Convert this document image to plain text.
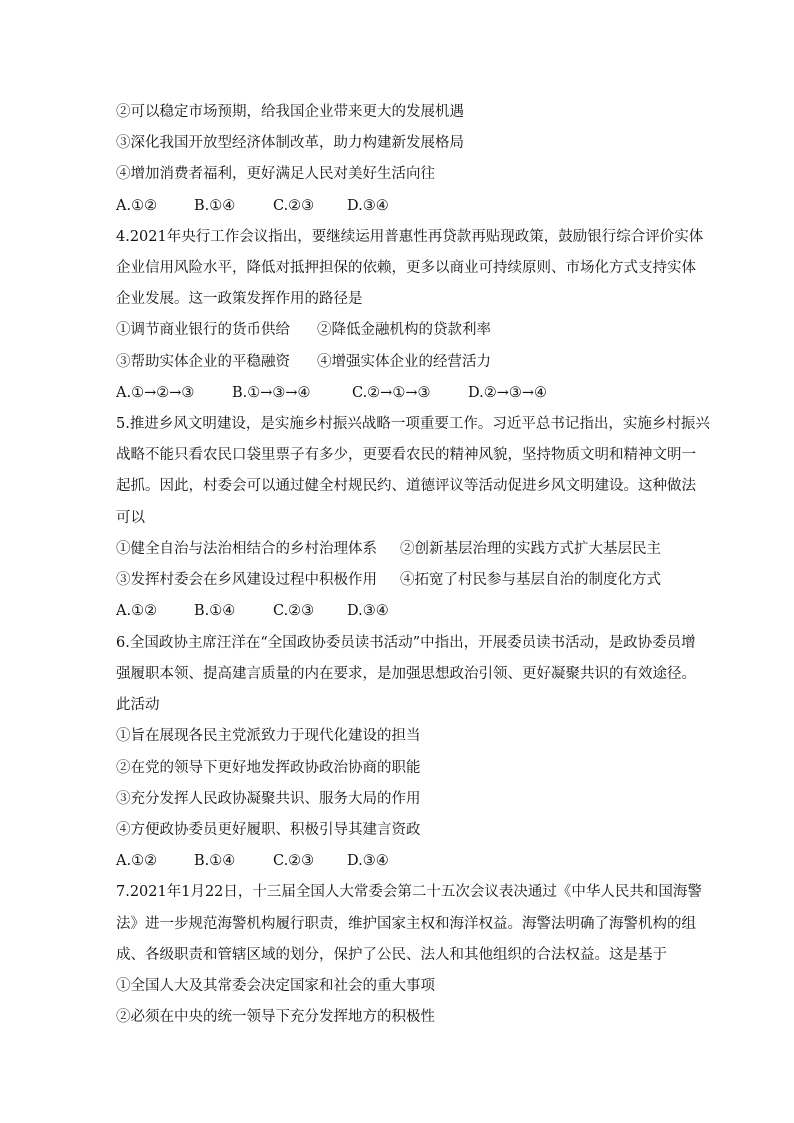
②可以稳定市场预期，给我国企业带来更大的发展机遇
③深化我国开放型经济体制改革，助力构建新发展格局
④增加消费者福利，更好满足人民对美好生活向往
A.①②	B.①④	C.②③ D.③④
4.2021年央行工作会议指出，要继续运用普惠性再贷款再贴现政策，鼓励银行综合评价实体
企业信用风险水平，降低对抵押担保的依赖，更多以商业可持续原则、市场化方式支持实体
企业发展。这一政策发挥作用的路径是
①调节商业银行的货币供给 ②降低金融机构的贷款利率
③帮助实体企业的平稳融资 ④增强实体企业的经营活力
A.①→②→③	B.①→③→④	C.②→①→③	D.②→③→④
5.推进乡风文明建设，是实施乡村振兴战略一项重要工作。习近平总书记指出，实施乡村振兴
战略不能只看农民口袋里票子有多少，更要看农民的精神风貌，坚持物质文明和精神文明一
起抓。因此，村委会可以通过健全村规民约、道德评议等活动促进乡风文明建设。这种做法
可以
①健全自治与法治相结合的乡村治理体系 ②创新基层治理的实践方式扩大基层民主
③发挥村委会在乡风建设过程中积极作用 ④拓宽了村民参与基层自治的制度化方式
A.①②	B.①④	C.②③ D.③④
6.全国政协主席汪洋在“全国政协委员读书活动”中指出，开展委员读书活动，是政协委员增
强履职本领、提高建言质量的内在要求，是加强思想政治引领、更好凝聚共识的有效途径。
此活动
①旨在展现各民主党派致力于现代化建设的担当
②在党的领导下更好地发挥政协政治协商的职能
③充分发挥人民政协凝聚共识、服务大局的作用
④方便政协委员更好履职、积极引导其建言资政
A.①②	B.①④	C.②③ D.③④
7.2021年1月22日，十三届全国人大常委会第二十五次会议表决通过《中华人民共和国海警
法》进一步规范海警机构履行职责，维护国家主权和海洋权益。海警法明确了海警机构的组
成、各级职责和管辖区域的划分，保护了公民、法人和其他组织的合法权益。这是基于
①全国人大及其常委会决定国家和社会的重大事项
②必须在中央的统一领导下充分发挥地方的积极性
